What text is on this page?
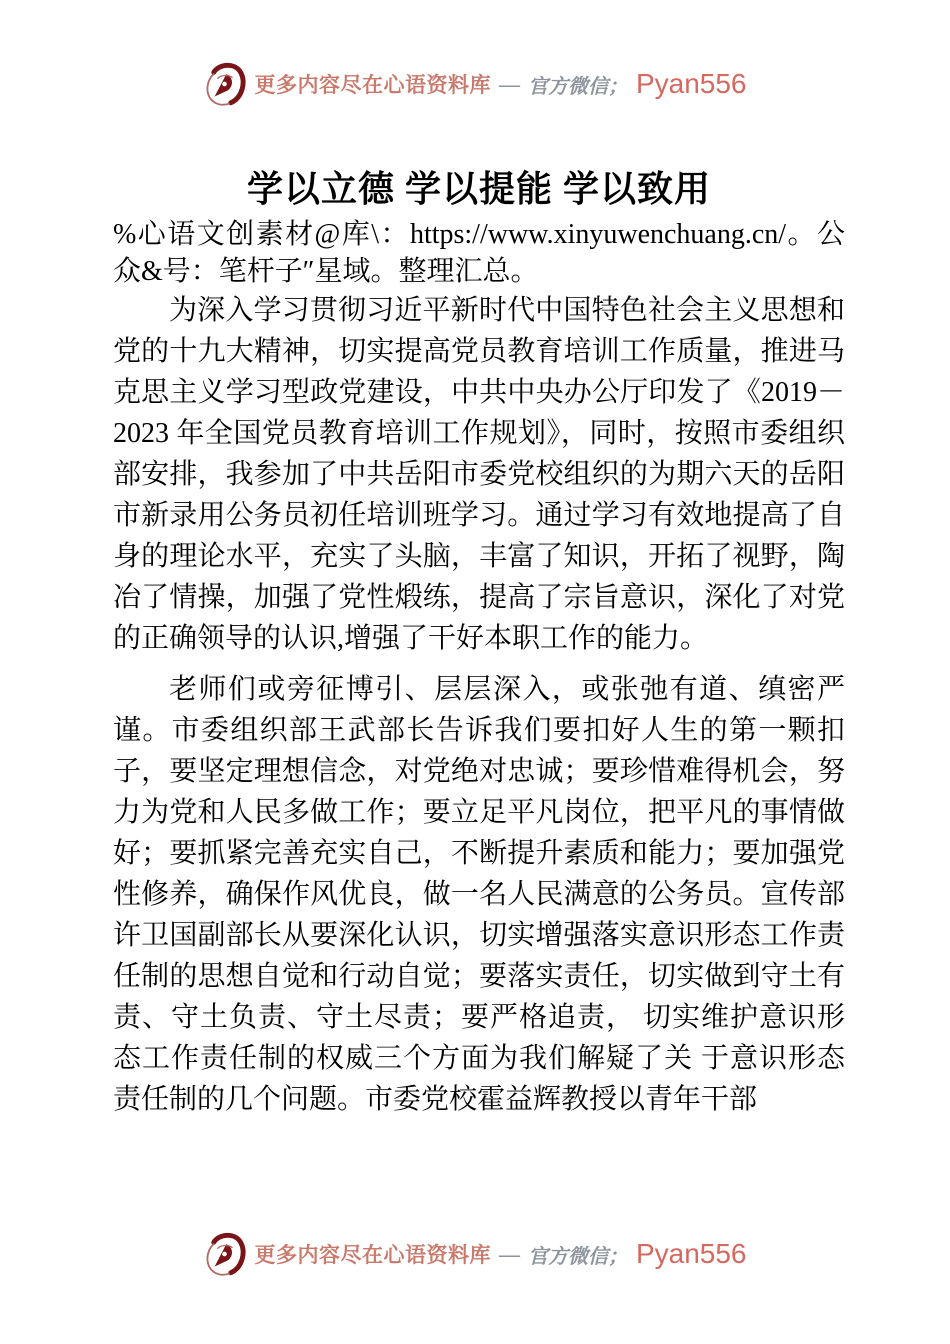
更多内容尽在心语资料库 — 官方微信； Pyan556
学以立德 学以提能 学以致用
%心语文创素材@库\：https://www.xinyuwenchuang.cn/。公众&号：笔杆子″星域。整理汇总。

为深入学习贯彻习近平新时代中国特色社会主义思想和党的十九大精神，切实提高党员教育培训工作质量，推进马克思主义学习型政党建设，中共中央办公厅印发了《2019－2023 年全国党员教育培训工作规划》，同时，按照市委组织部安排，我参加了中共岳阳市委党校组织的为期六天的岳阳市新录用公务员初任培训班学习。通过学习有效地提高了自身的理论水平，充实了头脑，丰富了知识，开拓了视野，陶冶了情操，加强了党性煅练，提高了宗旨意识，深化了对党的正确领导的认识,增强了干好本职工作的能力。

老师们或旁征博引、层层深入，或张弛有道、缜密严谨。市委组织部王武部长告诉我们要扣好人生的第一颗扣子，要坚定理想信念，对党绝对忠诚；要珍惜难得机会，努力为党和人民多做工作；要立足平凡岗位，把平凡的事情做好；要抓紧完善充实自己，不断提升素质和能力；要加强党性修养，确保作风优良，做一名人民满意的公务员。宣传部许卫国副部长从要深化认识，切实增强落实意识形态工作责任制的思想自觉和行动自觉；要落实责任，切实做到守土有责、守土负责、守土尽责；要严格追责， 切实维护意识形态工作责任制的权威三个方面为我们解疑了关 于意识形态责任制的几个问题。市委党校霍益辉教授以青年干部

更多内容尽在心语资料库 — 官方微信； Pyan556
